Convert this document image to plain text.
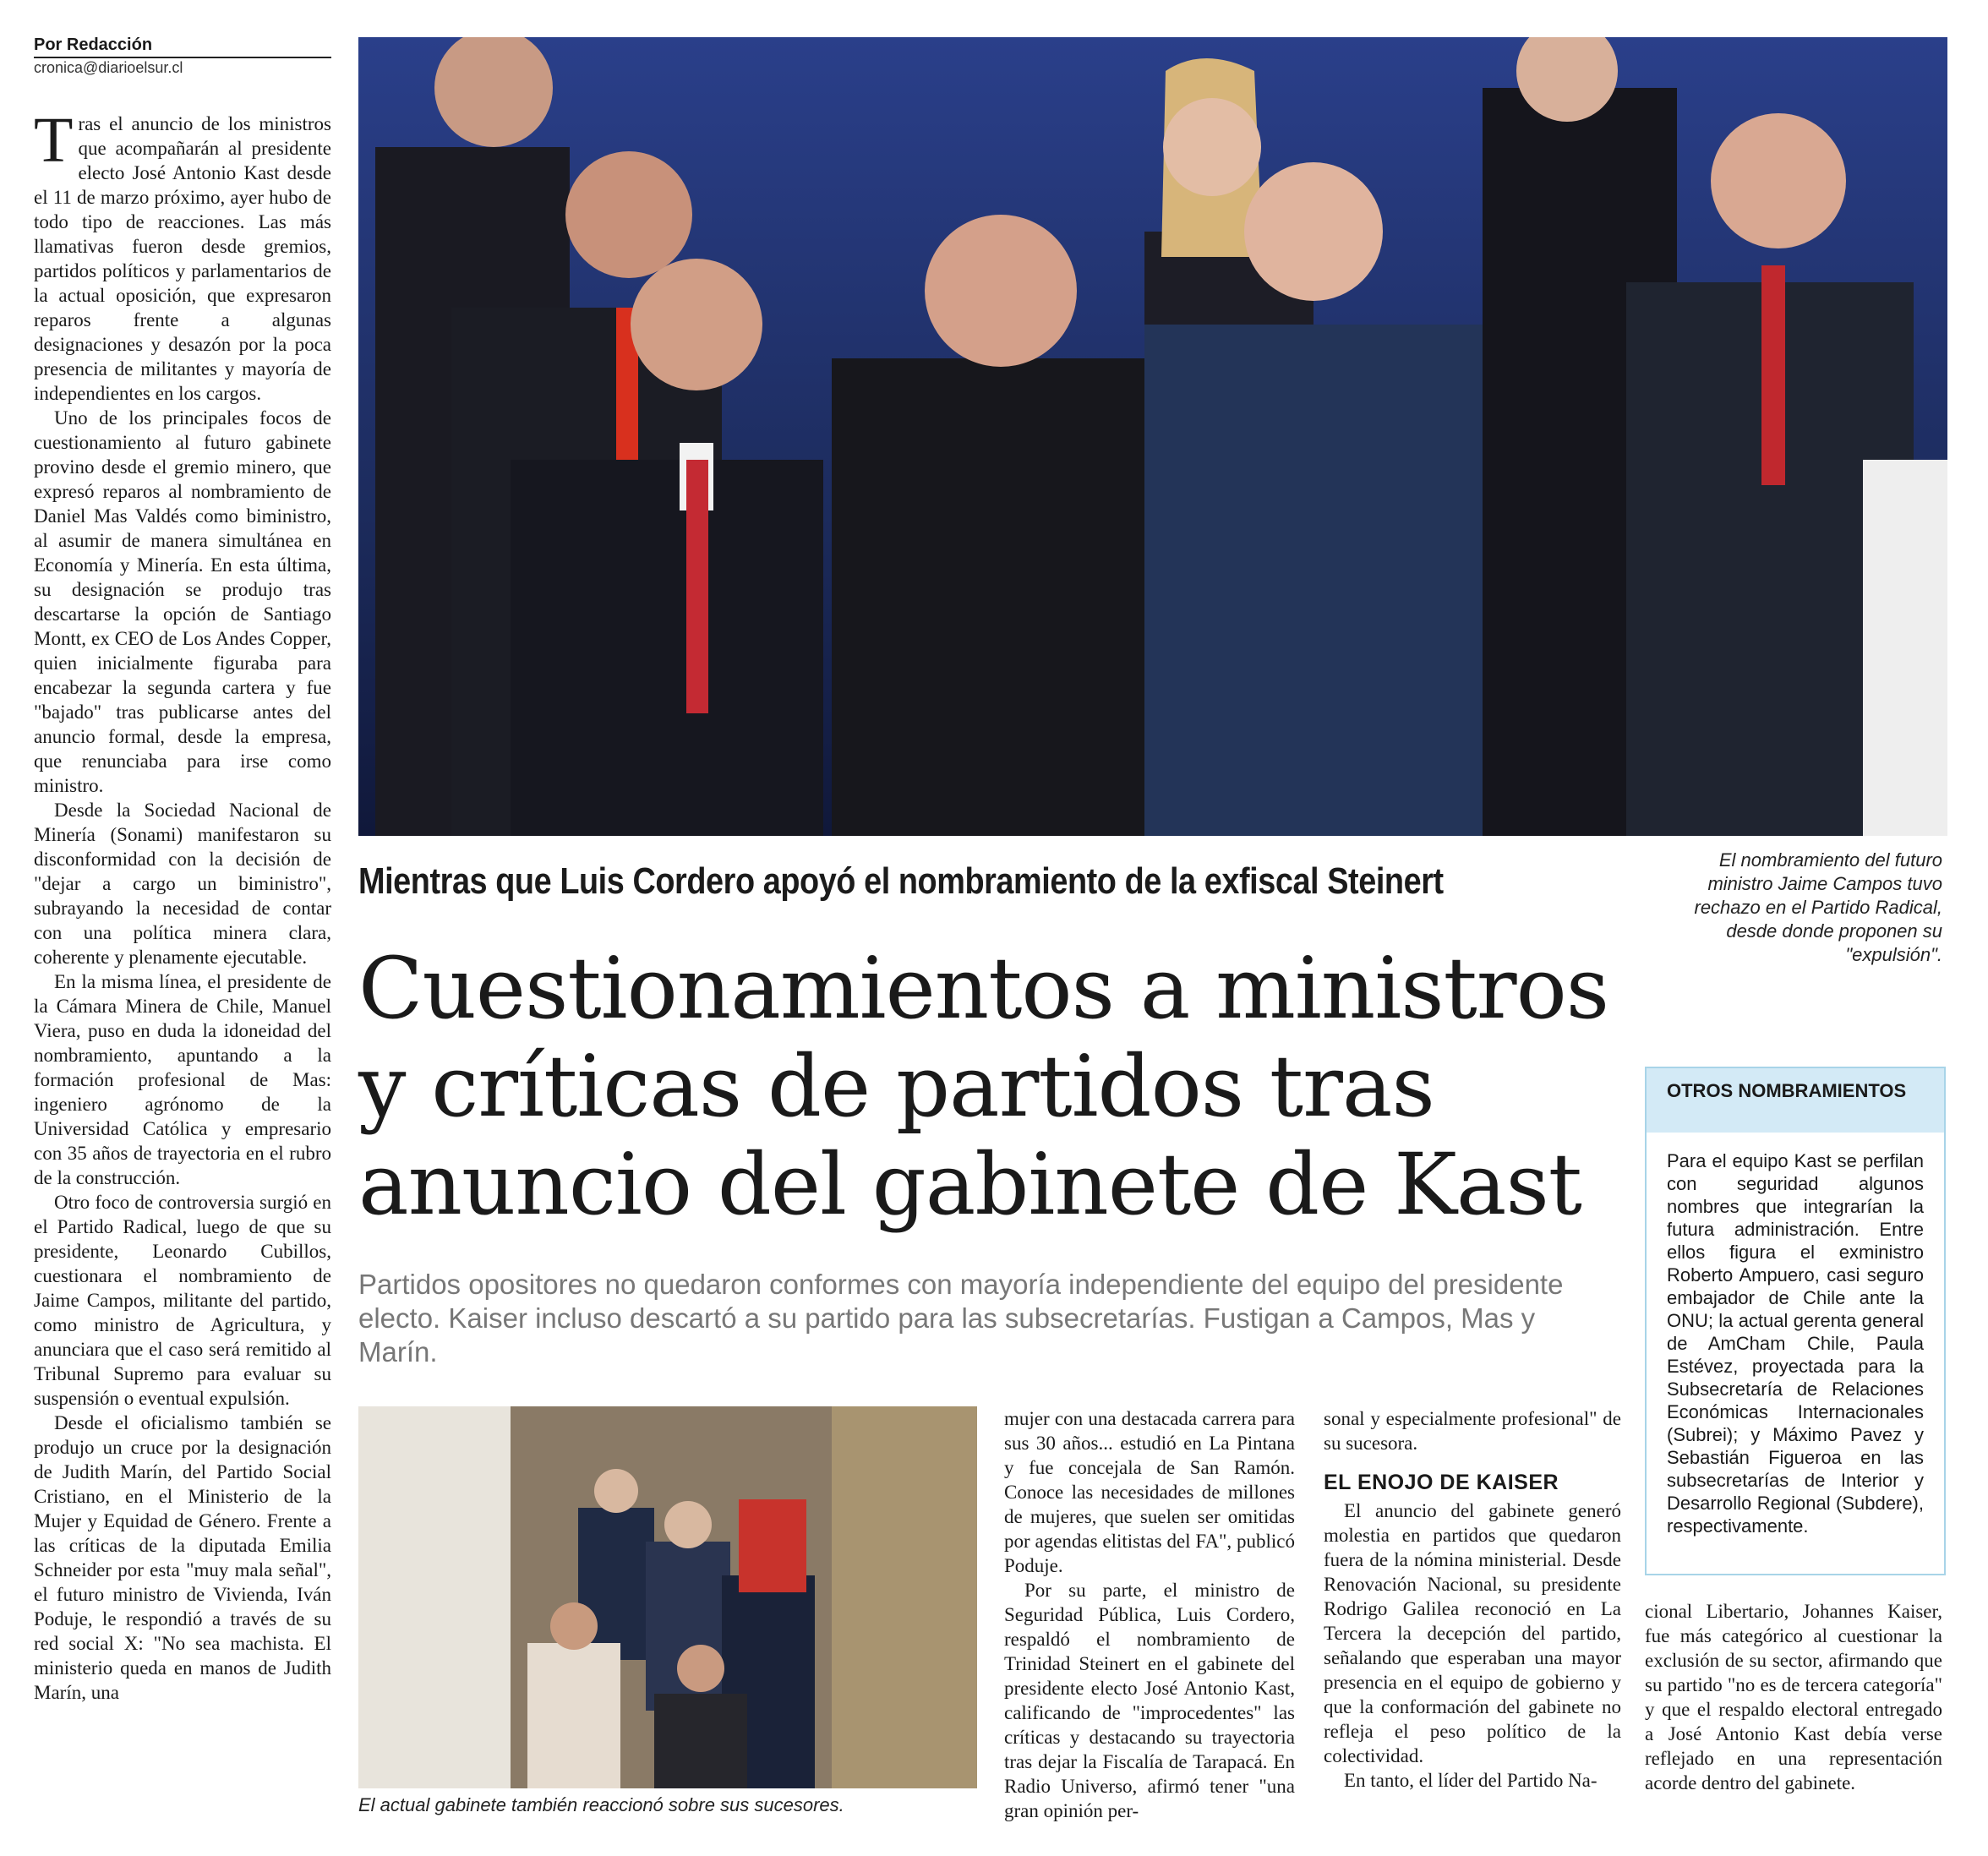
Por Redacción
cronica@diarioelsur.cl

Tras el anuncio de los ministros que acompañarán al presidente electo José Antonio Kast desde el 11 de marzo próximo, ayer hubo de todo tipo de reacciones. Las más llamativas fueron desde gremios, partidos políticos y parlamentarios de la actual oposición, que expresaron reparos frente a algunas designaciones y desazón por la poca presencia de militantes y mayoría de independientes en los cargos.

Uno de los principales focos de cuestionamiento al futuro gabinete provino desde el gremio minero, que expresó reparos al nombramiento de Daniel Mas Valdés como biministro, al asumir de manera simultánea en Economía y Minería. En esta última, su designación se produjo tras descartarse la opción de Santiago Montt, ex CEO de Los Andes Copper, quien inicialmente figuraba para encabezar la segunda cartera y fue "bajado" tras publicarse antes del anuncio formal, desde la empresa, que renunciaba para irse como ministro.

Desde la Sociedad Nacional de Minería (Sonami) manifestaron su disconformidad con la decisión de "dejar a cargo un biministro", subrayando la necesidad de contar con una política minera clara, coherente y plenamente ejecutable.

En la misma línea, el presidente de la Cámara Minera de Chile, Manuel Viera, puso en duda la idoneidad del nombramiento, apuntando a la formación profesional de Mas: ingeniero agrónomo de la Universidad Católica y empresario con 35 años de trayectoria en el rubro de la construcción.

Otro foco de controversia surgió en el Partido Radical, luego de que su presidente, Leonardo Cubillos, cuestionara el nombramiento de Jaime Campos, militante del partido, como ministro de Agricultura, y anunciara que el caso será remitido al Tribunal Supremo para evaluar su suspensión o eventual expulsión.

Desde el oficialismo también se produjo un cruce por la designación de Judith Marín, del Partido Social Cristiano, en el Ministerio de la Mujer y Equidad de Género. Frente a las críticas de la diputada Emilia Schneider por esta "muy mala señal", el futuro ministro de Vivienda, Iván Poduje, le respondió a través de su red social X: "No sea machista. El ministerio queda en manos de Judith Marín, una

El nombramiento del futuro ministro Jaime Campos tuvo rechazo en el Partido Radical, desde donde proponen su "expulsión".
Mientras que Luis Cordero apoyó el nombramiento de la exfiscal Steinert
Cuestionamientos a ministros y críticas de partidos tras anuncio del gabinete de Kast
Partidos opositores no quedaron conformes con mayoría independiente del equipo del presidente electo. Kaiser incluso descartó a su partido para las subsecretarías. Fustigan a Campos, Mas y Marín.
El actual gabinete también reaccionó sobre sus sucesores.

mujer con una destacada carrera para sus 30 años... estudió en La Pintana y fue concejala de San Ramón. Conoce las necesidades de millones de mujeres, que suelen ser omitidas por agendas elitistas del FA", publicó Poduje.

Por su parte, el ministro de Seguridad Pública, Luis Cordero, respaldó el nombramiento de Trinidad Steinert en el gabinete del presidente electo José Antonio Kast, calificando de "improcedentes" las críticas y destacando su trayectoria tras dejar la Fiscalía de Tarapacá. En Radio Universo, afirmó tener "una gran opinión per-

sonal y especialmente profesional" de su sucesora.

EL ENOJO DE KAISER

El anuncio del gabinete generó molestia en partidos que quedaron fuera de la nómina ministerial. Desde Renovación Nacional, su presidente Rodrigo Galilea reconoció en La Tercera la decepción del partido, señalando que esperaban una mayor presencia en el equipo de gobierno y que la conformación del gabinete no refleja el peso político de la colectividad.

En tanto, el líder del Partido Na-

OTROS NOMBRAMIENTOS
Para el equipo Kast se perfilan con seguridad algunos nombres que integrarían la futura administración. Entre ellos figura el exministro Roberto Ampuero, casi seguro embajador de Chile ante la ONU; la actual gerenta general de AmCham Chile, Paula Estévez, proyectada para la Subsecretaría de Relaciones Económicas Internacionales (Subrei); y Máximo Pavez y Sebastián Figueroa en las subsecretarías de Interior y Desarrollo Regional (Subdere), respectivamente.

cional Libertario, Johannes Kaiser, fue más categórico al cuestionar la exclusión de su sector, afirmando que su partido "no es de tercera categoría" y que el respaldo electoral entregado a José Antonio Kast debía verse reflejado en una representación acorde dentro del gabinete.
